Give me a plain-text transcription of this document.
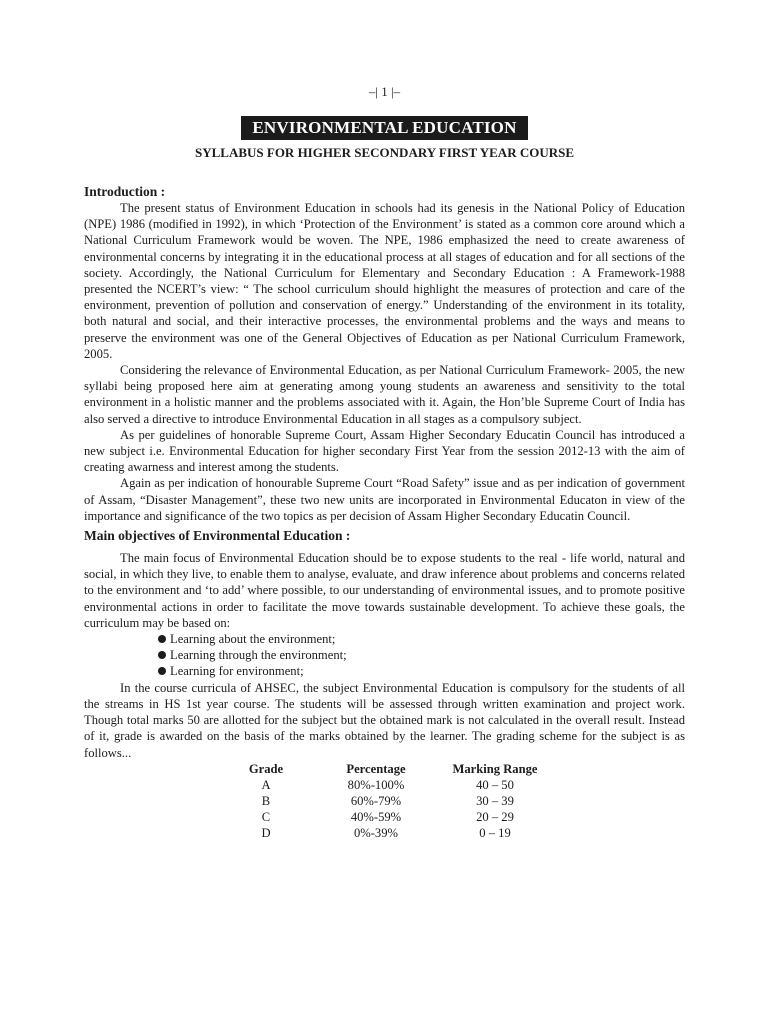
–| 1 |–
ENVIRONMENTAL EDUCATION
SYLLABUS FOR HIGHER SECONDARY FIRST YEAR COURSE
Introduction :

The present status of Environment Education in schools had its genesis in the National Policy of Education (NPE) 1986 (modified in 1992), in which ‘Protection of the Environment’ is stated as a common core around which a National Curriculum Framework would be woven. The NPE, 1986 emphasized the need to create awareness of environmental concerns by integrating it in the educational process at all stages of education and for all sections of the society. Accordingly, the National Curriculum for Elementary and Secondary Education : A Framework-1988 presented the NCERT’s view: “ The school curriculum should highlight the measures of protection and care of the environment, prevention of pollution and conservation of energy.” Understanding of the environment in its totality, both natural and social, and their interactive processes, the environmental problems and the ways and means to preserve the environment was one of the General Objectives of Education as per National Curriculum Framework, 2005.

Considering the relevance of Environmental Education, as per National Curriculum Framework- 2005, the new syllabi being proposed here aim at generating among young students an awareness and sensitivity to the total environment in a holistic manner and the problems associated with it. Again, the Hon’ble Supreme Court of India has also served a directive to introduce Environmental Education in all stages as a compulsory subject.

As per guidelines of honorable Supreme Court, Assam Higher Secondary Educatin Council has introduced a new subject i.e. Environmental Education for higher secondary First Year from the session 2012-13 with the aim of creating awarness and interest among the students.

Again as per indication of honourable Supreme Court “Road Safety” issue and as per indication of government of Assam, “Disaster Management”, these two new units are incorporated in Environmental Educaton in view of the importance and significance of the two topics as per decision of Assam Higher Secondary Educatin Council.

Main objectives of Environmental Education :

The main focus of Environmental Education should be to expose students to the real - life world, natural and social, in which they live, to enable them to analyse, evaluate, and draw inference about problems and concerns related to the environment and ‘to add’ where possible, to our understanding of environmental issues, and to promote positive environmental actions in order to facilitate the move towards sustainable development. To achieve these goals, the curriculum may be based on:

Learning about the environment;
Learning through the environment;
Learning for environment;

In the course curricula of AHSEC, the subject Environmental Education is compulsory for the students of all the streams in HS 1st year course. The students will be assessed through written examination and project work. Though total marks 50 are allotted for the subject but the obtained mark is not calculated in the overall result. Instead of it, grade is awarded on the basis of the marks obtained by the learner. The grading scheme for the subject is as follows...

Grade	Percentage	Marking Range
A	80%-100%	40 – 50
B	60%-79%	30 – 39
C	40%-59%	20 – 29
D	0%-39%	0 – 19
